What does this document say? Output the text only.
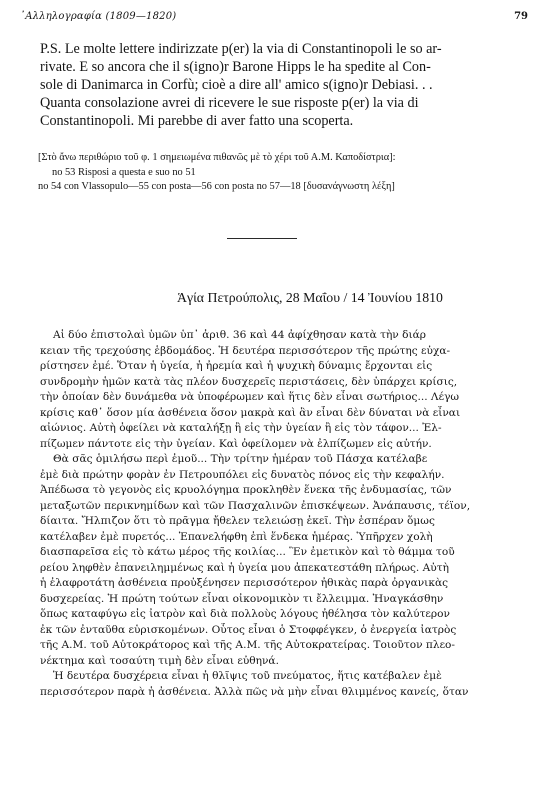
᾿Αλληλογραφία (1809—1820)	79
P.S. Le molte lettere indirizzate p(er) la via di Constantinopoli le so ar-
rivate. E so ancora che il s(igno)r Barone Hipps le ha spedite al Con-
sole di Danimarca in Corfù; cioè a dire all' amico s(igno)r Debiasi. . .
Quanta consolazione avrei di ricevere le sue risposte p(er) la via di
Constantinopoli. Mi parebbe di aver fatto una scoperta.
[Στὸ ἄνω περιθώριο τοῦ φ. 1 σημειωμένα πιθανῶς μὲ τὸ χέρι τοῦ Α.Μ. Καποδίστρια]:
no 53 Risposi a questa e suo no 51
no 54 con Vlassopulo—55 con posta—56 con posta no 57—18 [δυσανάγνωστη λέξη]
Ἁγία Πετρούπολις, 28 Μαΐου / 14 Ἰουνίου 1810
Αἱ δύο ἐπιστολαὶ ὑμῶν ὑπ᾿ ἀριθ. 36 καὶ 44 ἀφίχθησαν κατὰ τὴν διάρ
κειαν τῆς τρεχούσης ἑβδομάδος. Ἡ δευτέρα περισσότερον τῆς πρώτης εὐχα-
ρίστησεν ἐμέ. Ὅταν ἡ ὑγεία, ἡ ἠρεμία καὶ ἡ ψυχικὴ δύναμις ἔρχονται εἰς
συνδρομὴν ἡμῶν κατὰ τὰς πλέον δυσχερεῖς περιστάσεις, δὲν ὑπάρχει κρίσις,
τὴν ὁποίαν δὲν δυνάμεθα νὰ ὑποφέρωμεν καὶ ἥτις δὲν εἶναι σωτήριος... Λέγω
κρίσις καθ᾿ ὅσον μία ἀσθένεια ὅσον μακρὰ καὶ ἂν εἶναι δὲν δύναται νὰ εἶναι
αἰώνιος. Αὐτὴ ὀφείλει νὰ καταλήξῃ ἢ εἰς τὴν ὑγείαν ἢ εἰς τὸν τάφον... Ἐλ-
πίζωμεν πάντοτε εἰς τὴν ὑγείαν. Καὶ ὀφείλομεν νὰ ἐλπίζωμεν εἰς αὐτήν.
Θὰ σᾶς ὁμιλήσω περὶ ἐμοῦ... Τὴν τρίτην ἡμέραν τοῦ Πάσχα κατέλαβε
ἐμὲ διὰ πρώτην φορὰν ἐν Πετρουπόλει εἰς δυνατὸς πόνος εἰς τὴν κεφαλήν.
Ἀπέδωσα τὸ γεγονὸς εἰς κρυολόγημα προκληθὲν ἕνεκα τῆς ἐνδυμασίας, τῶν
μεταξωτῶν περικνημίδων καὶ τῶν Πασχαλινῶν ἐπισκέψεων. Ἀνάπαυσις, τέϊον,
δίαιτα. Ἤλπιζον ὅτι τὸ πρᾶγμα ἤθελεν τελειώσῃ ἐκεῖ. Τὴν ἑσπέραν ὅμως
κατέλαβεν ἐμὲ πυρετός... Ἐπανελήφθη ἐπὶ ἕνδεκα ἡμέρας. Ὑπῆρχεν χολὴ
διασπαρεῖσα εἰς τὸ κάτω μέρος τῆς κοιλίας... Ἓν ἐμετικὸν καὶ τὸ θάμμα τοῦ
ρείου ληφθὲν ἐπανειλημμένως καὶ ἡ ὑγεία μου ἀπεκατεστάθη πλήρως. Αὐτὴ
ἡ ἐλαφροτάτη ἀσθένεια προὐξένησεν περισσότερον ἠθικὰς παρὰ ὀργανικὰς
δυσχερείας. Ἡ πρώτη τούτων εἶναι οἰκονομικὸν τι ἔλλειμμα. Ἠναγκάσθην
ὅπως καταφύγω εἰς ἰατρὸν καὶ διὰ πολλοὺς λόγους ἠθέλησα τὸν καλύτερον
ἐκ τῶν ἐνταῦθα εὑρισκομένων. Οὗτος εἶναι ὁ Στοφφέγκεν, ὁ ἐνεργεία ἰατρὸς
τῆς Α.Μ. τοῦ Αὐτοκράτορος καὶ τῆς Α.Μ. τῆς Αὐτοκρατείρας. Τοιοῦτον πλεο-
νέκτημα καὶ τοσαύτη τιμὴ δὲν εἶναι εὐθηνά.
Ἡ δευτέρα δυσχέρεια εἶναι ἡ θλῖψις τοῦ πνεύματος, ἥτις κατέβαλεν ἐμὲ
περισσότερον παρὰ ἡ ἀσθένεια. Ἀλλὰ πῶς νὰ μὴν εἶναι θλιμμένος κανείς, ὅταν
